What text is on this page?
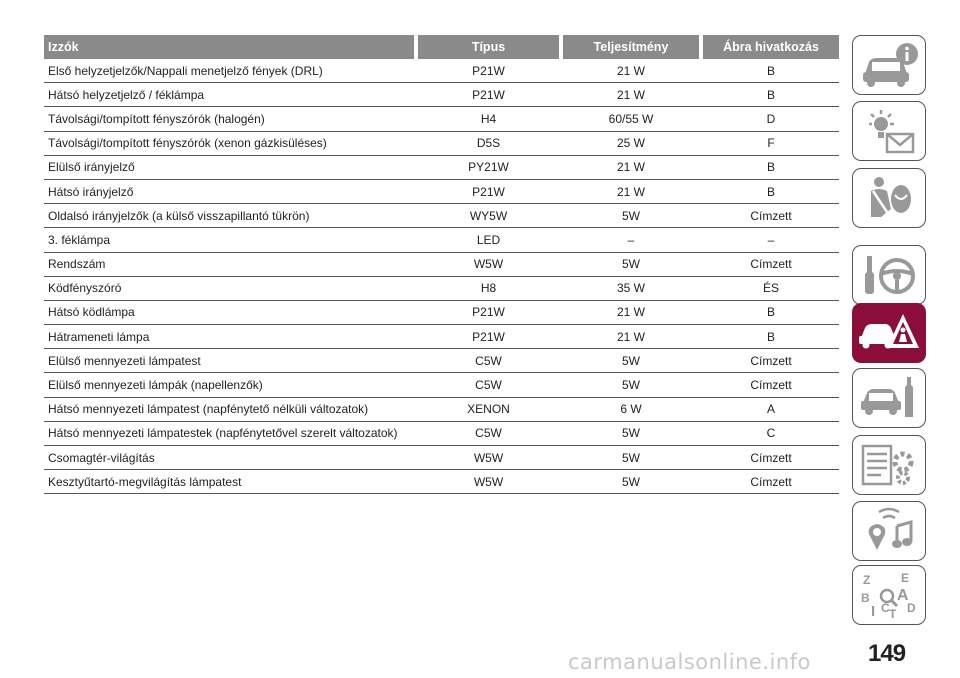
Izzók	Típus	Teljesítmény	Ábra hivatkozás
Első helyzetjelzők/Nappali menetjelző fények (DRL)	P21W	21 W	B
Hátsó helyzetjelző / féklámpa	P21W	21 W	B
Távolsági/tompított fényszórók (halogén)	H4	60/55 W	D
Távolsági/tompított fényszórók (xenon gázkisüléses)	D5S	25 W	F
Elülső irányjelző	PY21W	21 W	B
Hátsó irányjelző	P21W	21 W	B
Oldalsó irányjelzők (a külső visszapillantó tükrön)	WY5W	5W	Címzett
3. féklámpa	LED	–	–
Rendszám	W5W	5W	Címzett
Ködfényszóró	H8	35 W	ÉS
Hátsó ködlámpa	P21W	21 W	B
Hátrameneti lámpa	P21W	21 W	B
Elülső mennyezeti lámpatest	C5W	5W	Címzett
Elülső mennyezeti lámpák (napellenzők)	C5W	5W	Címzett
Hátsó mennyezeti lámpatest (napfénytető nélküli változatok)	XENON	6 W	A
Hátsó mennyezeti lámpatestek (napfénytetővel szerelt változatok)	C5W	5W	C
Csomagtér-világítás	W5W	5W	Címzett
Kesztyűtartó-megvilágítás lámpatest	W5W	5W	Címzett
Z	E
B A
I C T D
149
carmanualsonline.info
